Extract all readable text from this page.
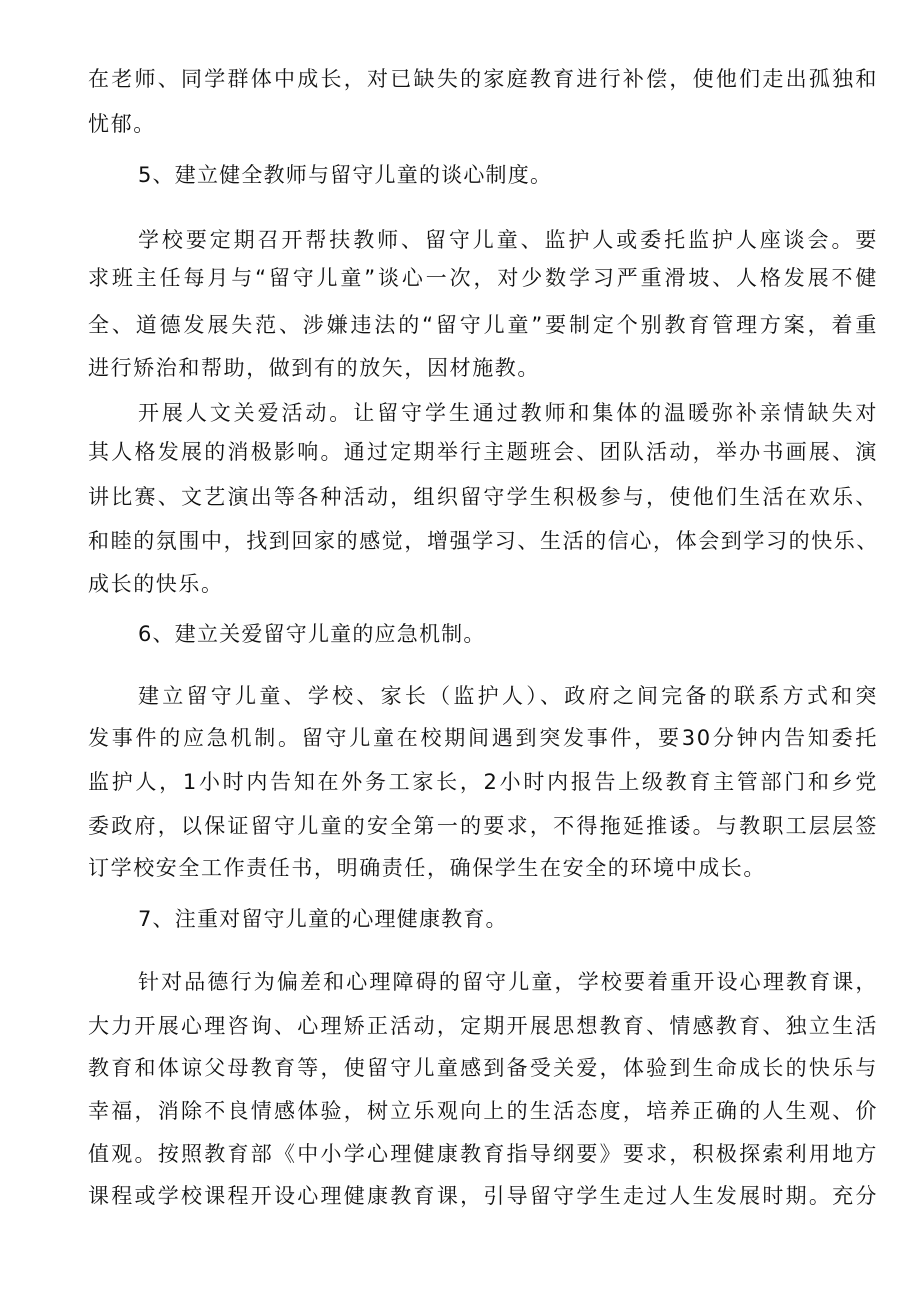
在老师、同学群体中成长，对已缺失的家庭教育进行补偿，使他们走出孤独和
忧郁。
5、建立健全教师与留守儿童的谈心制度。
学校要定期召开帮扶教师、留守儿童、监护人或委托监护人座谈会。要
求班主任每月与“留守儿童”谈心一次，对少数学习严重滑坡、人格发展不健
全、道德发展失范、涉嫌违法的“留守儿童”要制定个别教育管理方案，着重
进行矫治和帮助，做到有的放矢，因材施教。
开展人文关爱活动。让留守学生通过教师和集体的温暖弥补亲情缺失对
其人格发展的消极影响。通过定期举行主题班会、团队活动，举办书画展、演
讲比赛、文艺演出等各种活动，组织留守学生积极参与，使他们生活在欢乐、
和睦的氛围中，找到回家的感觉，增强学习、生活的信心，体会到学习的快乐、
成长的快乐。
6、建立关爱留守儿童的应急机制。
建立留守儿童、学校、家长（监护人）、政府之间完备的联系方式和突
发事件的应急机制。留守儿童在校期间遇到突发事件，要30分钟内告知委托
监护人，1小时内告知在外务工家长，2小时内报告上级教育主管部门和乡党
委政府，以保证留守儿童的安全第一的要求，不得拖延推诿。与教职工层层签
订学校安全工作责任书，明确责任，确保学生在安全的环境中成长。
7、注重对留守儿童的心理健康教育。
针对品德行为偏差和心理障碍的留守儿童，学校要着重开设心理教育课，
大力开展心理咨询、心理矫正活动，定期开展思想教育、情感教育、独立生活
教育和体谅父母教育等，使留守儿童感到备受关爱，体验到生命成长的快乐与
幸福，消除不良情感体验，树立乐观向上的生活态度，培养正确的人生观、价
值观。按照教育部《中小学心理健康教育指导纲要》要求，积极探索利用地方
课程或学校课程开设心理健康教育课，引导留守学生走过人生发展时期。充分
